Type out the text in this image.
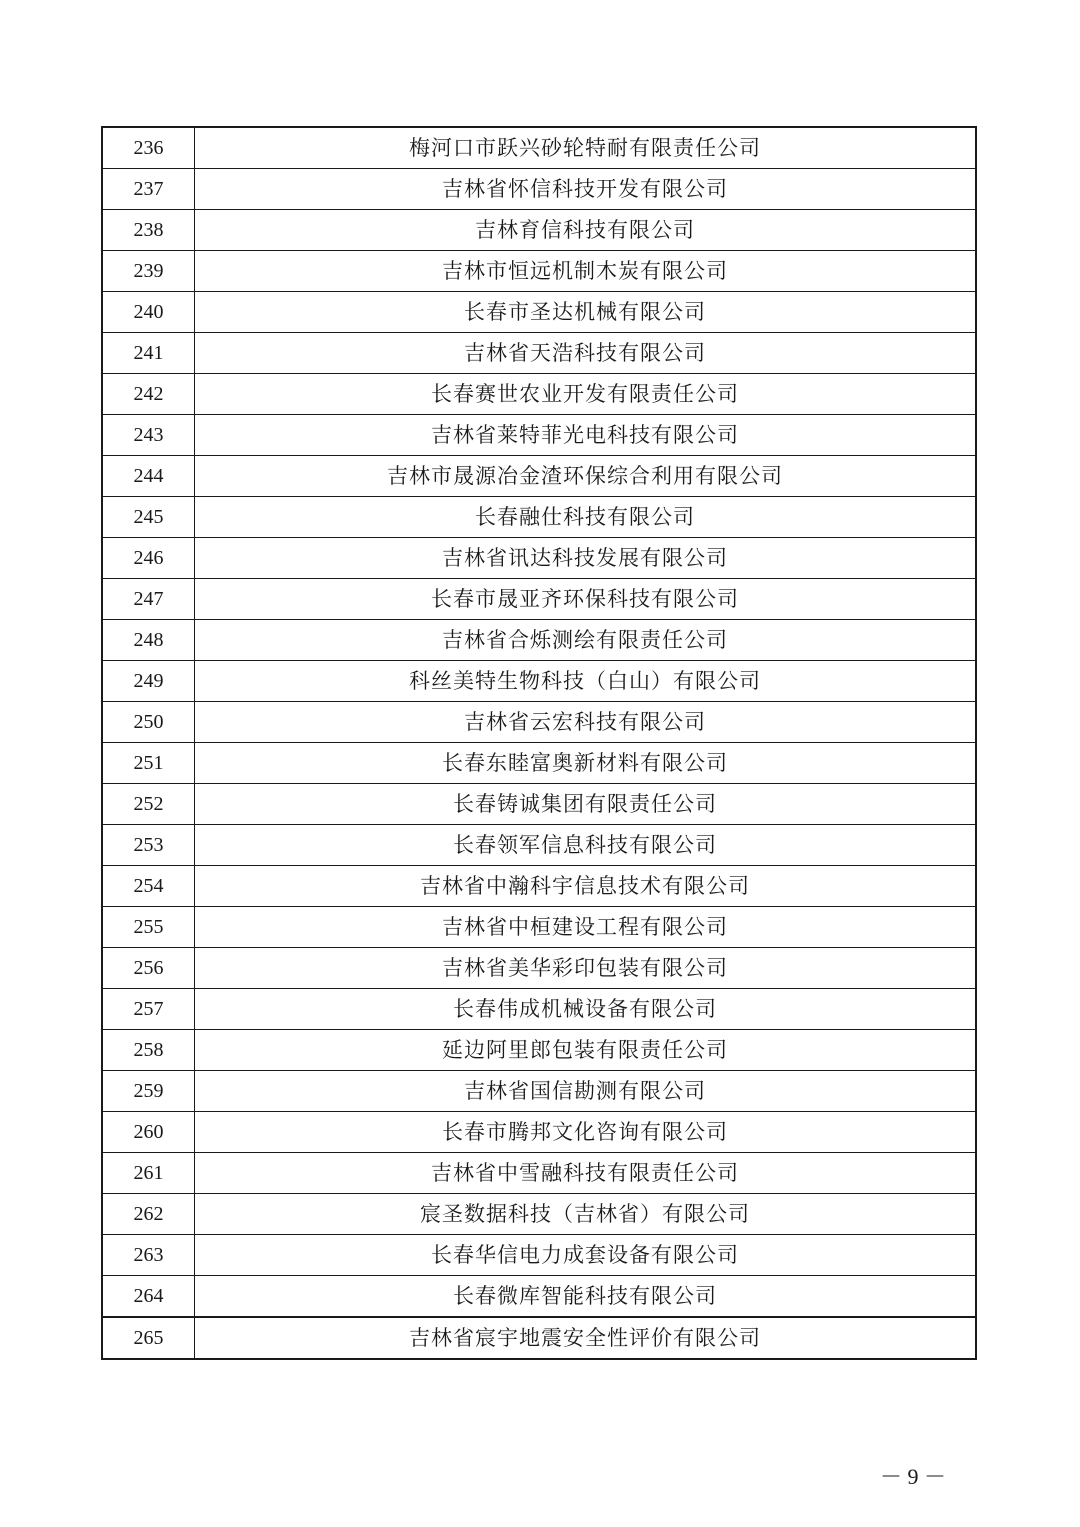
236	梅河口市跃兴砂轮特耐有限责任公司
237	吉林省怀信科技开发有限公司
238	吉林育信科技有限公司
239	吉林市恒远机制木炭有限公司
240	长春市圣达机械有限公司
241	吉林省天浩科技有限公司
242	长春赛世农业开发有限责任公司
243	吉林省莱特菲光电科技有限公司
244	吉林市晟源冶金渣环保综合利用有限公司
245	长春融仕科技有限公司
246	吉林省讯达科技发展有限公司
247	长春市晟亚齐环保科技有限公司
248	吉林省合烁测绘有限责任公司
249	科丝美特生物科技（白山）有限公司
250	吉林省云宏科技有限公司
251	长春东睦富奥新材料有限公司
252	长春铸诚集团有限责任公司
253	长春领军信息科技有限公司
254	吉林省中瀚科宇信息技术有限公司
255	吉林省中桓建设工程有限公司
256	吉林省美华彩印包装有限公司
257	长春伟成机械设备有限公司
258	延边阿里郎包装有限责任公司
259	吉林省国信勘测有限公司
260	长春市腾邦文化咨询有限公司
261	吉林省中雪融科技有限责任公司
262	宸圣数据科技（吉林省）有限公司
263	长春华信电力成套设备有限公司
264	长春微库智能科技有限公司
265	吉林省宸宇地震安全性评价有限公司
－ 9 －
